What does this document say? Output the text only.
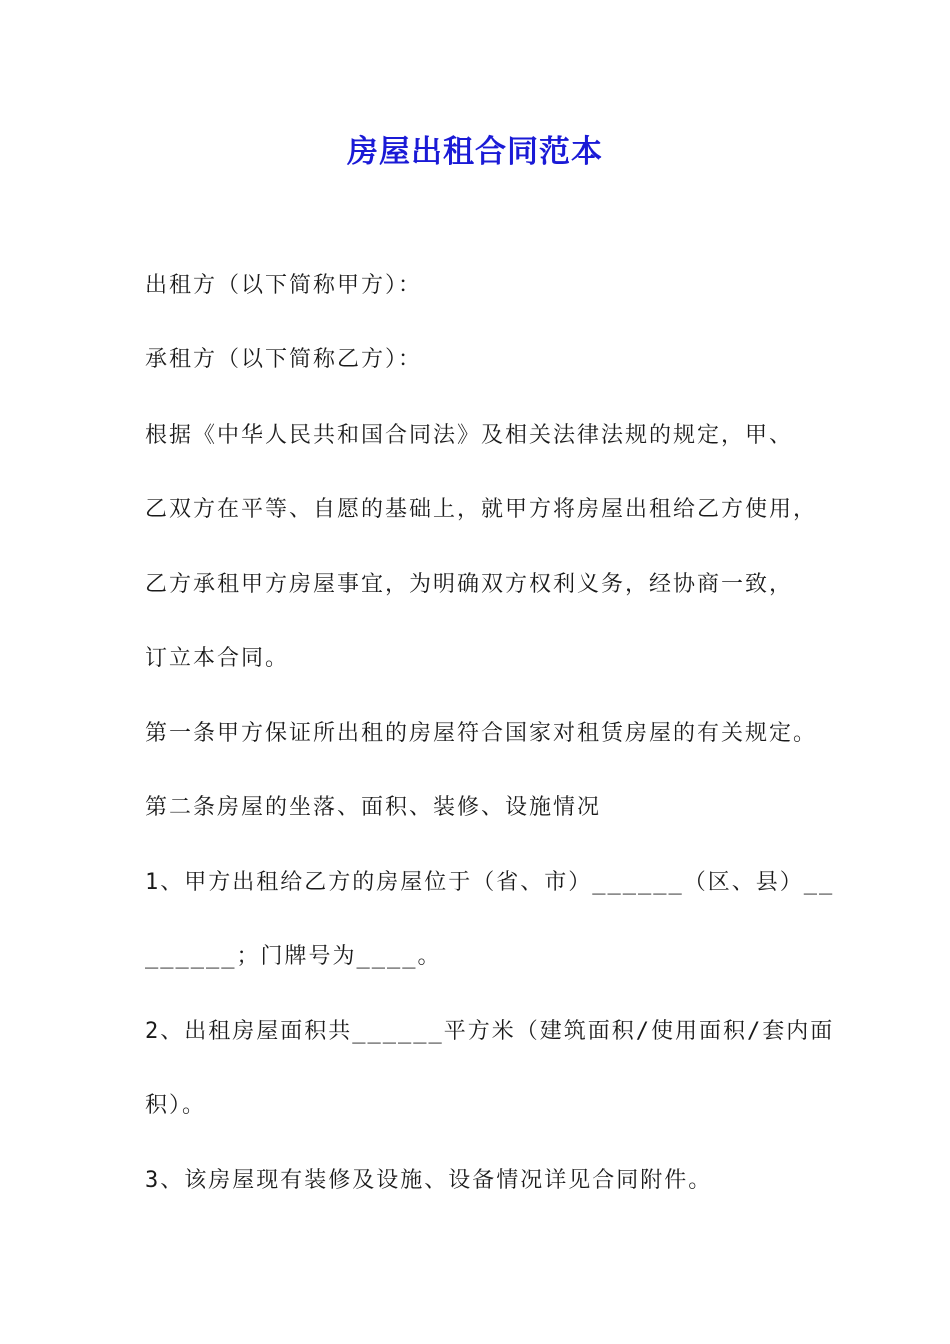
房屋出租合同范本
出租方（以下简称甲方）：
承租方（以下简称乙方）：
根据《中华人民共和国合同法》及相关法律法规的规定，甲、
乙双方在平等、自愿的基础上，就甲方将房屋出租给乙方使用，
乙方承租甲方房屋事宜，为明确双方权利义务，经协商一致，
订立本合同。
第一条甲方保证所出租的房屋符合国家对租赁房屋的有关规定。
第二条房屋的坐落、面积、装修、设施情况
1、甲方出租给乙方的房屋位于（省、市）______（区、县）__
______；门牌号为____。
2、出租房屋面积共______平方米（建筑面积/使用面积/套内面
积）。
3、该房屋现有装修及设施、设备情况详见合同附件。
